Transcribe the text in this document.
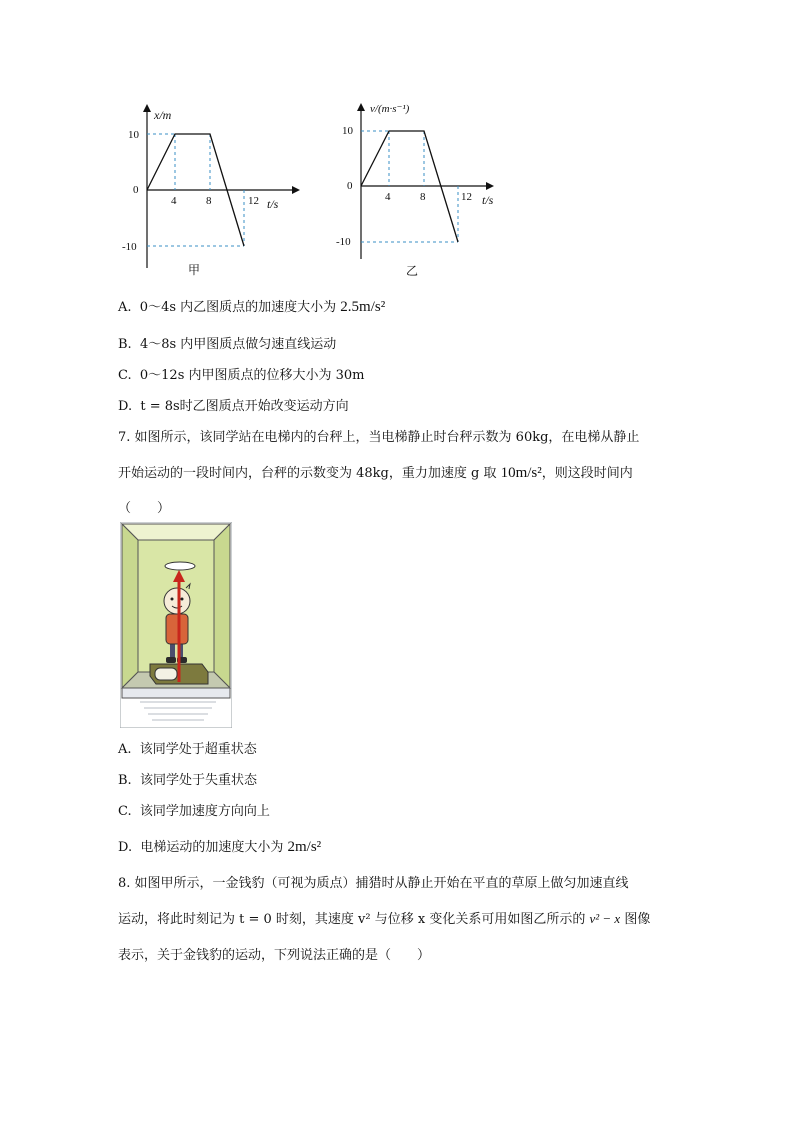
x/m
10
0
-10
4	8	12 t/s
甲
v/(m·s⁻¹)
10
0
-10
4	8	12 t/s
乙
A. 0～4s 内乙图质点的加速度大小为 2.5m/s²
B. 4～8s 内甲图质点做匀速直线运动
C. 0～12s 内甲图质点的位移大小为 30m
D. t = 8s时乙图质点开始改变运动方向
7. 如图所示，该同学站在电梯内的台秤上，当电梯静止时台秤示数为 60kg，在电梯从静止
开始运动的一段时间内，台秤的示数变为 48kg，重力加速度 g 取 10m/s²，则这段时间内
（　　）
A. 该同学处于超重状态
B. 该同学处于失重状态
C. 该同学加速度方向向上
D. 电梯运动的加速度大小为 2m/s²
8. 如图甲所示，一金钱豹（可视为质点）捕猎时从静止开始在平直的草原上做匀加速直线
运动，将此时刻记为 t = 0 时刻，其速度 v² 与位移 x 变化关系可用如图乙所示的 v² − x 图像
表示，关于金钱豹的运动，下列说法正确的是（　　）
